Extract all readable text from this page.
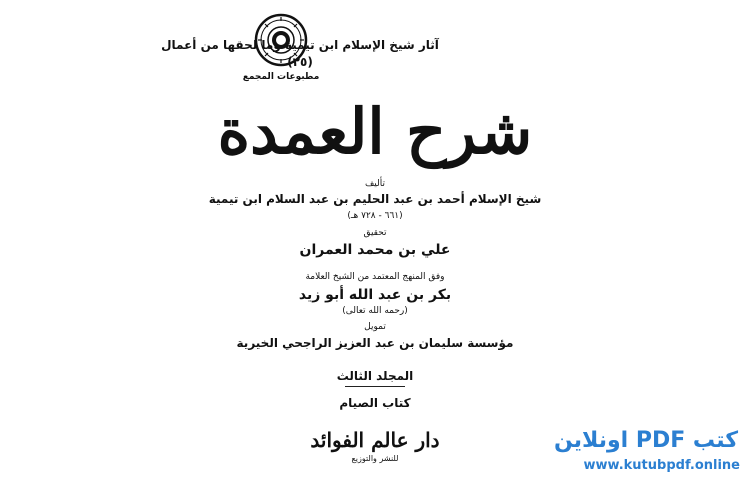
مطبوعات المجمع
آثار شيخ الإسلام ابن تيمية وما لحقها من أعمال
(٢٥)
شرح العمدة
تأليف
شيخ الإسلام أحمد بن عبد الحليم بن عبد السلام ابن تيمية
(٦٦١ - ٧٢٨ هـ)
تحقيق
علي بن محمد العمران
وفق المنهج المعتمد من الشيخ العلامة
بكر بن عبد الله أبو زيد
(رحمه الله تعالى)
تمويل
مؤسسة سليمان بن عبد العزيز الراجحي الخيرية
المجلد الثالث
كتاب الصيام
دار عالم الفوائد
للنشر والتوزيع
كتب PDF اونلاين
www.kutubpdf.online
